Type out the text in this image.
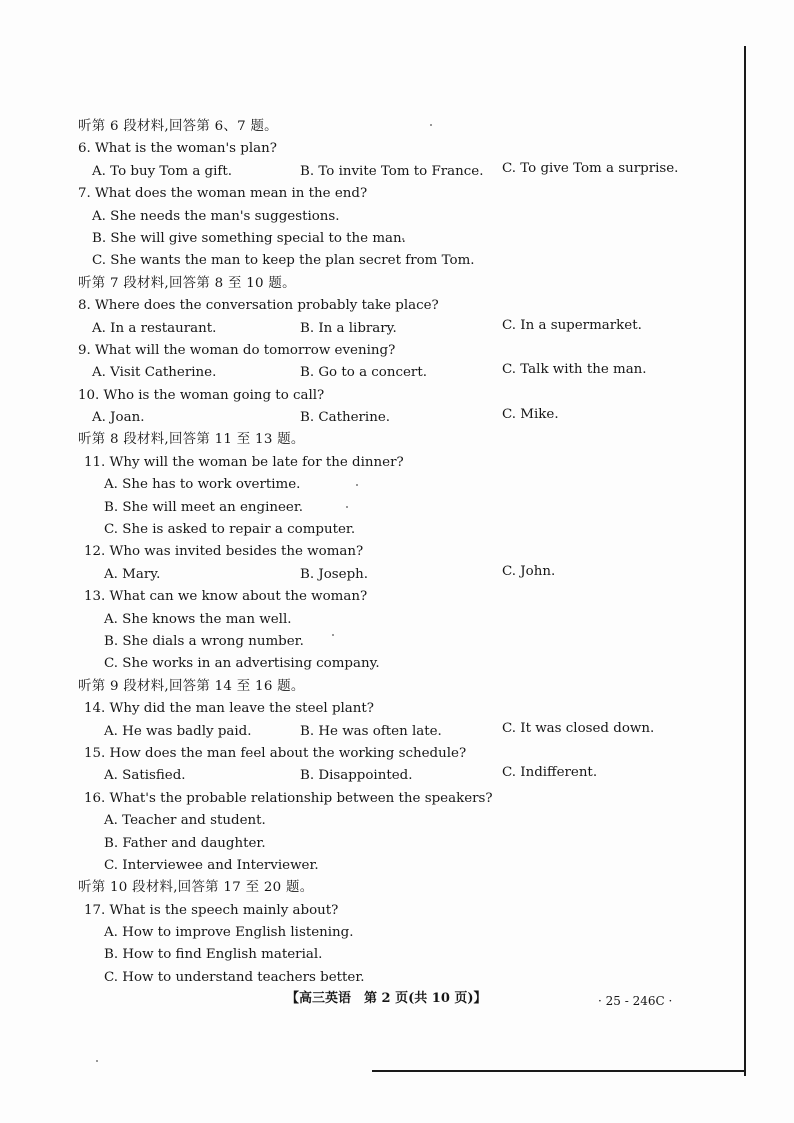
听第 6 段材料,回答第 6、7 题。
6. What is the woman's plan?
A. To buy Tom a gift.	B. To invite Tom to France. C. To give Tom a surprise.
7. What does the woman mean in the end?
A. She needs the man's suggestions.
B. She will give something special to the man.
C. She wants the man to keep the plan secret from Tom.
听第 7 段材料,回答第 8 至 10 题。
8. Where does the conversation probably take place?
A. In a restaurant.	B. In a library.	C. In a supermarket.
9. What will the woman do tomorrow evening?
A. Visit Catherine.	B. Go to a concert.	C. Talk with the man.
10. Who is the woman going to call?
A. Joan.	B. Catherine.	C. Mike.
听第 8 段材料,回答第 11 至 13 题。
11. Why will the woman be late for the dinner?
A. She has to work overtime.
B. She will meet an engineer.
C. She is asked to repair a computer.
12. Who was invited besides the woman?
A. Mary.	B. Joseph.	C. John.
13. What can we know about the woman?
A. She knows the man well.
B. She dials a wrong number.
C. She works in an advertising company.
听第 9 段材料,回答第 14 至 16 题。
14. Why did the man leave the steel plant?
A. He was badly paid.	B. He was often late.	C. It was closed down.
15. How does the man feel about the working schedule?
A. Satisfied.	B. Disappointed.	C. Indifferent.
16. What's the probable relationship between the speakers?
A. Teacher and student.
B. Father and daughter.
C. Interviewee and Interviewer.
听第 10 段材料,回答第 17 至 20 题。
17. What is the speech mainly about?
A. How to improve English listening.
B. How to find English material.
C. How to understand teachers better.
【高三英语　第 2 页(共 10 页)】	· 25 - 246C ·
